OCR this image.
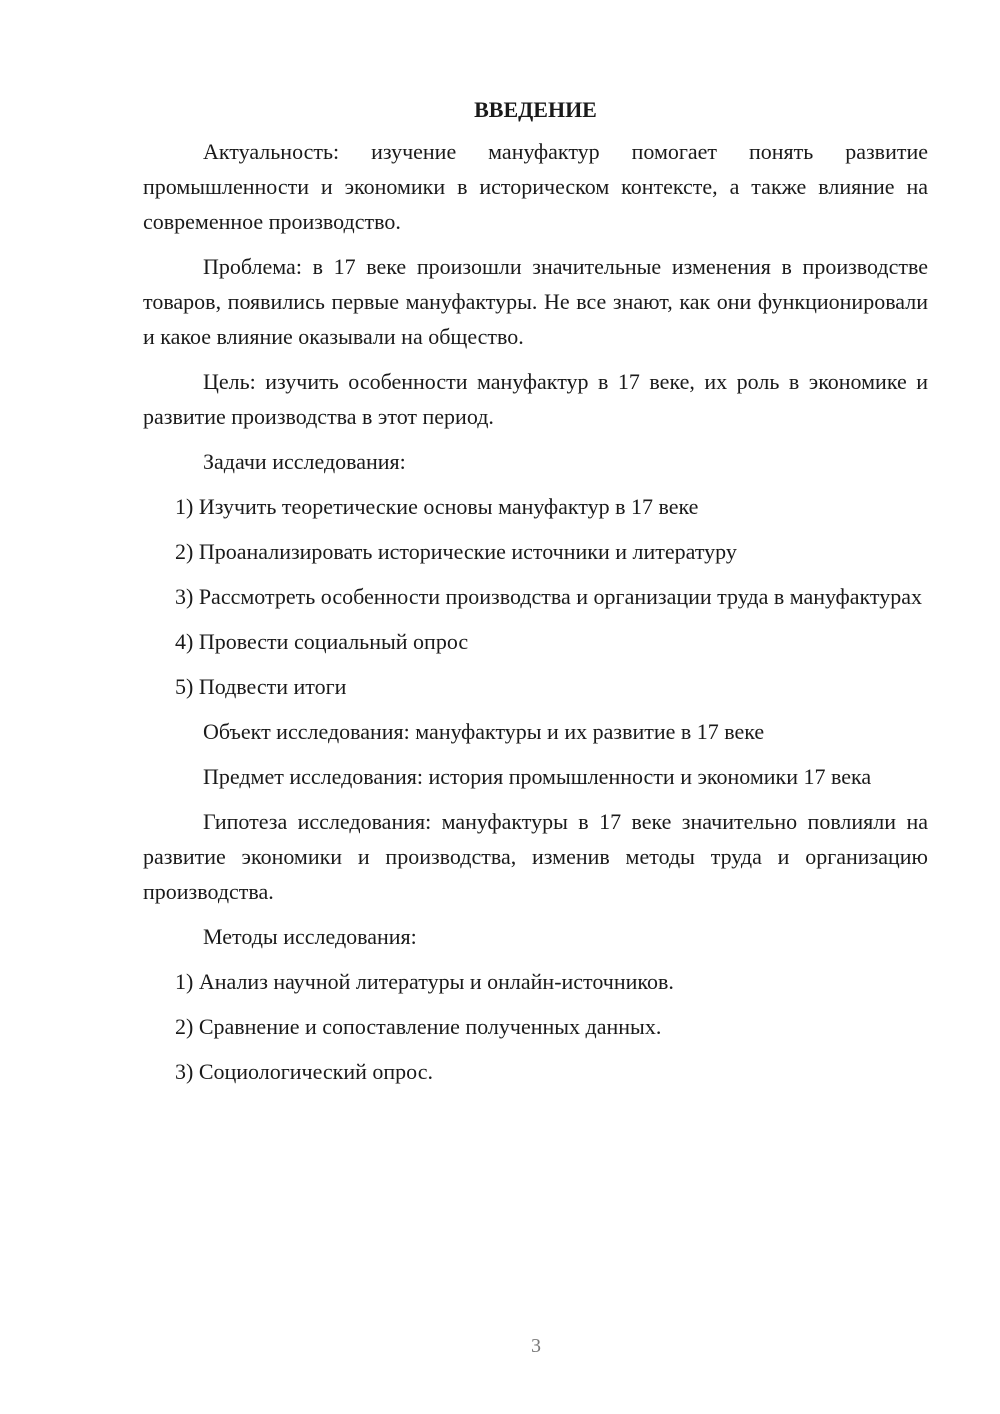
ВВЕДЕНИЕ
Актуальность: изучение мануфактур помогает понять развитие промышленности и экономики в историческом контексте, а также влияние на современное производство.
Проблема: в 17 веке произошли значительные изменения в производстве товаров, появились первые мануфактуры. Не все знают, как они функционировали и какое влияние оказывали на общество.
Цель: изучить особенности мануфактур в 17 веке, их роль в экономике и развитие производства в этот период.
Задачи исследования:
1) Изучить теоретические основы мануфактур в 17 веке
2) Проанализировать исторические источники и литературу
3) Рассмотреть особенности производства и организации труда в мануфактурах
4) Провести социальный опрос
5) Подвести итоги
Объект исследования: мануфактуры и их развитие в 17 веке
Предмет исследования: история промышленности и экономики 17 века
Гипотеза исследования: мануфактуры в 17 веке значительно повлияли на развитие экономики и производства, изменив методы труда и организацию производства.
Методы исследования:
1) Анализ научной литературы и онлайн-источников.
2) Сравнение и сопоставление полученных данных.
3) Социологический опрос.
3
